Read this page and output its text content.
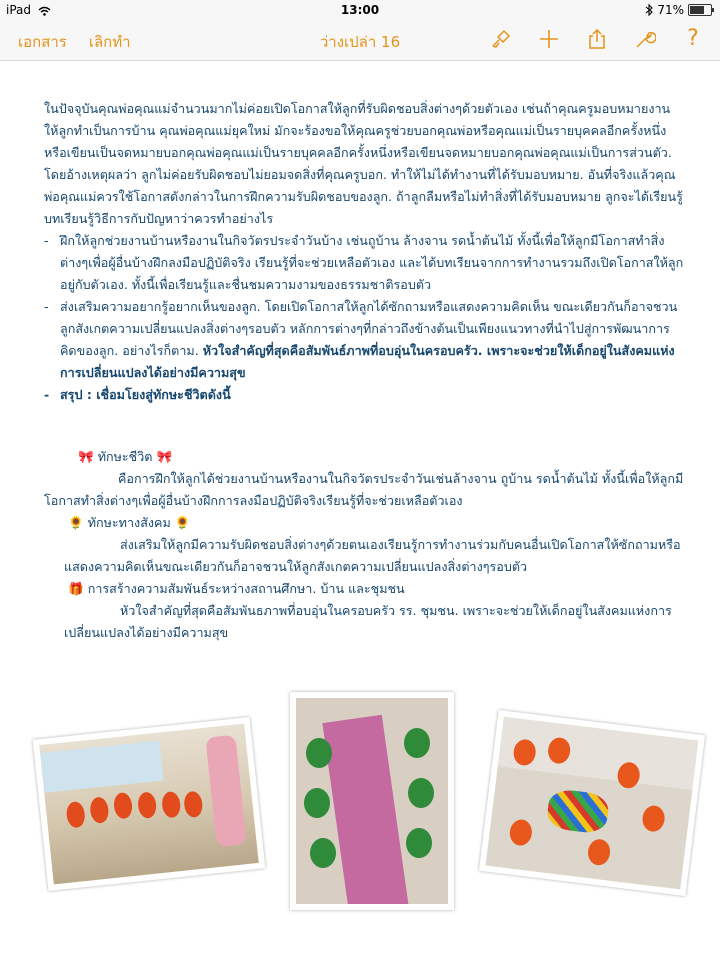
iPad	13:00	71%
เอกสาร เลิกทำ	ว่างเปล่า 16	?

ในปัจจุบันคุณพ่อคุณแม่จำนวนมากไม่ค่อยเปิดโอกาสให้ลูกที่รับผิดชอบสิ่งต่างๆด้วยตัวเอง เช่นถ้าคุณครูมอบหมายงานให้ลูกทำเป็นการบ้าน คุณพ่อคุณแม่ยุคใหม่ มักจะร้องขอให้คุณครูช่วยบอกคุณพ่อหรือคุณแม่เป็นรายบุคคลอีกครั้งหนึ่งหรือเขียนเป็นจดหมายบอกคุณพ่อคุณแม่เป็นรายบุคคลอีกครั้งหนึ่งหรือเขียนจดหมายบอกคุณพ่อคุณแม่เป็นการส่วนตัว. โดยอ้างเหตุผลว่า ลูกไม่ค่อยรับผิดชอบไม่ยอมจดสิ่งที่คุณครูบอก. ทำให้ไม่ได้ทำงานที่ได้รับมอบหมาย. อันที่จริงแล้วคุณพ่อคุณแม่ควรใช้โอกาสดังกล่าวในการฝึกความรับผิดชอบของลูก. ถ้าลูกลืมหรือไม่ทำสิ่งที่ได้รับมอบหมาย ลูกจะได้เรียนรู้บทเรียนรู้วิธีการกับปัญหาว่าควรทำอย่างไร

- ฝึกให้ลูกช่วยงานบ้านหรืองานในกิจวัตรประจำวันบ้าง เช่นถูบ้าน ล้างจาน รดน้ำต้นไม้ ทั้งนี้เพื่อให้ลูกมีโอกาสทำสิ่งต่างๆเพื่อผู้อื่นบ้างฝึกลงมือปฏิบัติจริง เรียนรู้ที่จะช่วยเหลือตัวเอง และได้บทเรียนจากการทำงานรวมถึงเปิดโอกาสให้ลูกอยู่กับตัวเอง. ทั้งนี้เพื่อเรียนรู้และชื่นชมความงามของธรรมชาติรอบตัว

- ส่งเสริมความอยากรู้อยากเห็นของลูก. โดยเปิดโอกาสให้ลูกได้ซักถามหรือแสดงความคิดเห็น ขณะเดียวกันก็อาจชวนลูกสังเกตความเปลี่ยนแปลงสิ่งต่างๆรอบตัว หลักการต่างๆที่กล่าวถึงข้างต้นเป็นเพียงแนวทางที่นำไปสู่การพัฒนาการคิดของลูก. อย่างไรก็ตาม. หัวใจสำคัญที่สุดคือสัมพันธ์ภาพที่อบอุ่นในครอบครัว. เพราะจะช่วยให้เด็กอยู่ในสังคมแห่งการเปลี่ยนแปลงได้อย่างมีความสุข

- สรุป : เชื่อมโยงสู่ทักษะชีวิตดังนี้

🎀 ทักษะชีวิต 🎀

คือการฝึกให้ลูกได้ช่วยงานบ้านหรืองานในกิจวัตรประจำวันเช่นล้างจาน ถูบ้าน รดน้ำต้นไม้ ทั้งนี้เพื่อให้ลูกมีโอกาสทำสิ่งต่างๆเพื่อผู้อื่นบ้างฝึกการลงมือปฏิบัติจริงเรียนรู้ที่จะช่วยเหลือตัวเอง

🌻 ทักษะทางสังคม 🌻

ส่งเสริมให้ลูกมีความรับผิดชอบสิ่งต่างๆด้วยตนเองเรียนรู้การทำงานร่วมกับคนอื่นเปิดโอกาสให้ซักถามหรือแสดงความคิดเห็นขณะเดียวกันก็อาจชวนให้ลูกสังเกตความเปลี่ยนแปลงสิ่งต่างๆรอบตัว

🎁 การสร้างความสัมพันธ์ระหว่างสถานศึกษา. บ้าน และชุมชน

หัวใจสำคัญที่สุดคือสัมพันธภาพที่อบอุ่นในครอบครัว รร. ชุมชน. เพราะจะช่วยให้เด็กอยู่ในสังคมแห่งการเปลี่ยนแปลงได้อย่างมีความสุข
